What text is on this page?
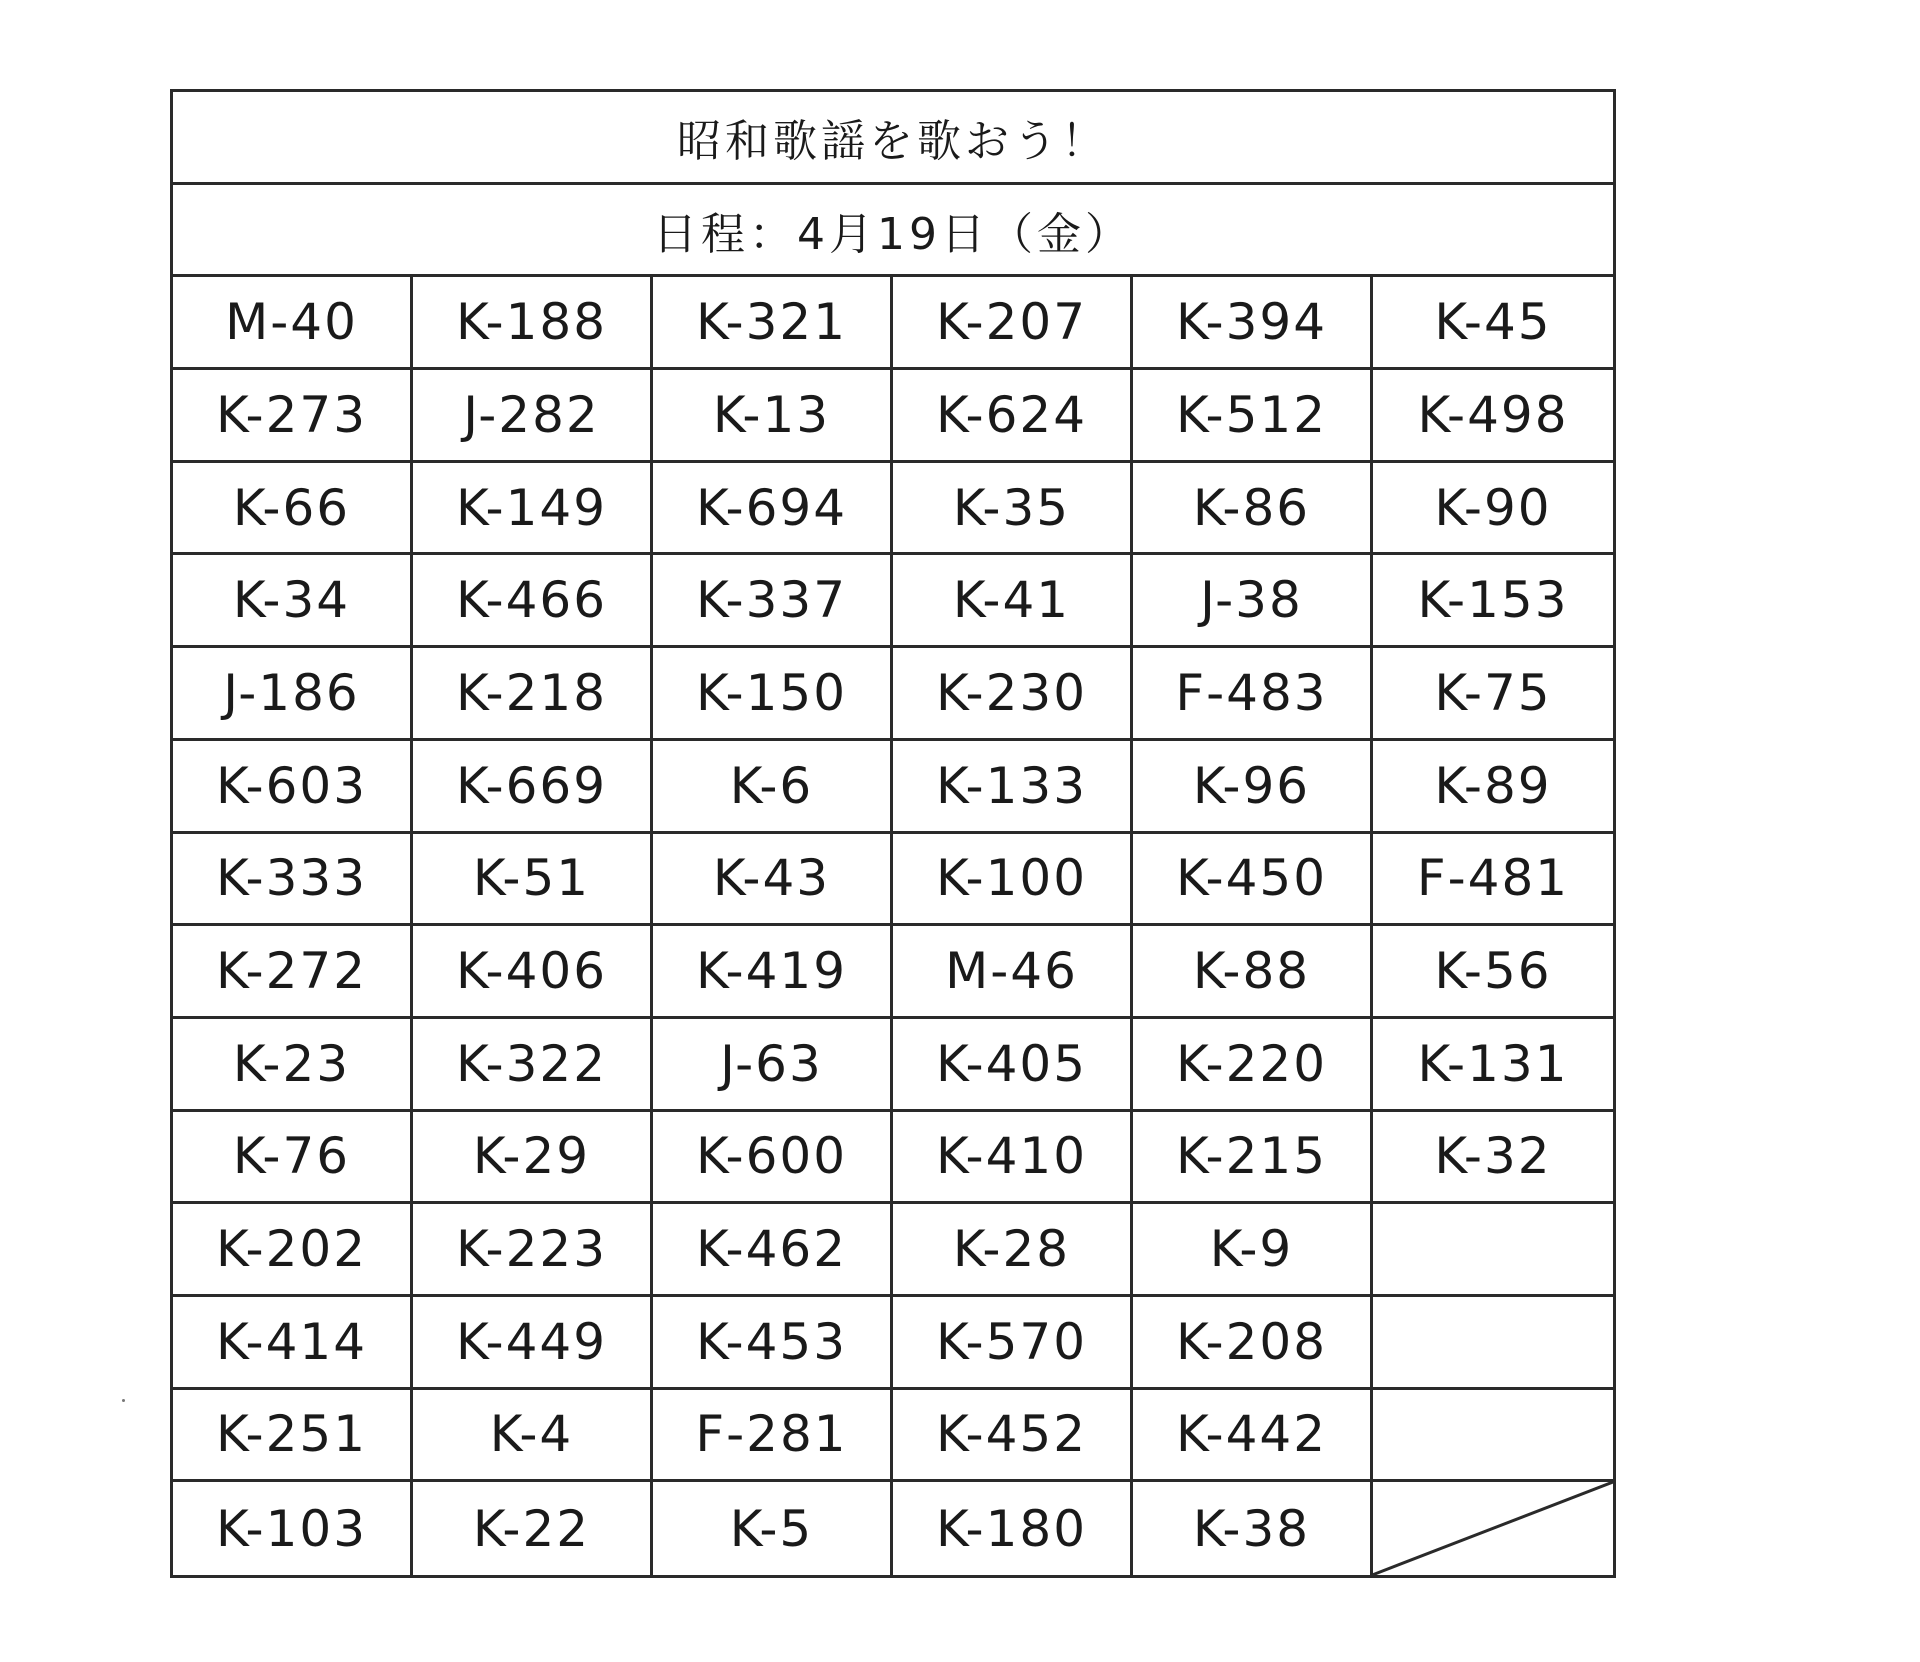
昭和歌謡を歌おう！
日程：4月19日（金）
M-40	K-188	K-321	K-207	K-394	K-45
K-273	J-282	K-13	K-624	K-512	K-498
K-66	K-149	K-694	K-35	K-86	K-90
K-34	K-466	K-337	K-41	J-38	K-153
J-186	K-218	K-150	K-230	F-483	K-75
K-603	K-669	K-6	K-133	K-96	K-89
K-333	K-51	K-43	K-100	K-450	F-481
K-272	K-406	K-419	M-46	K-88	K-56
K-23	K-322	J-63	K-405	K-220	K-131
K-76	K-29	K-600	K-410	K-215	K-32
K-202	K-223	K-462	K-28	K-9
K-414	K-449	K-453	K-570	K-208
K-251	K-4	F-281	K-452	K-442
K-103	K-22	K-5	K-180	K-38
